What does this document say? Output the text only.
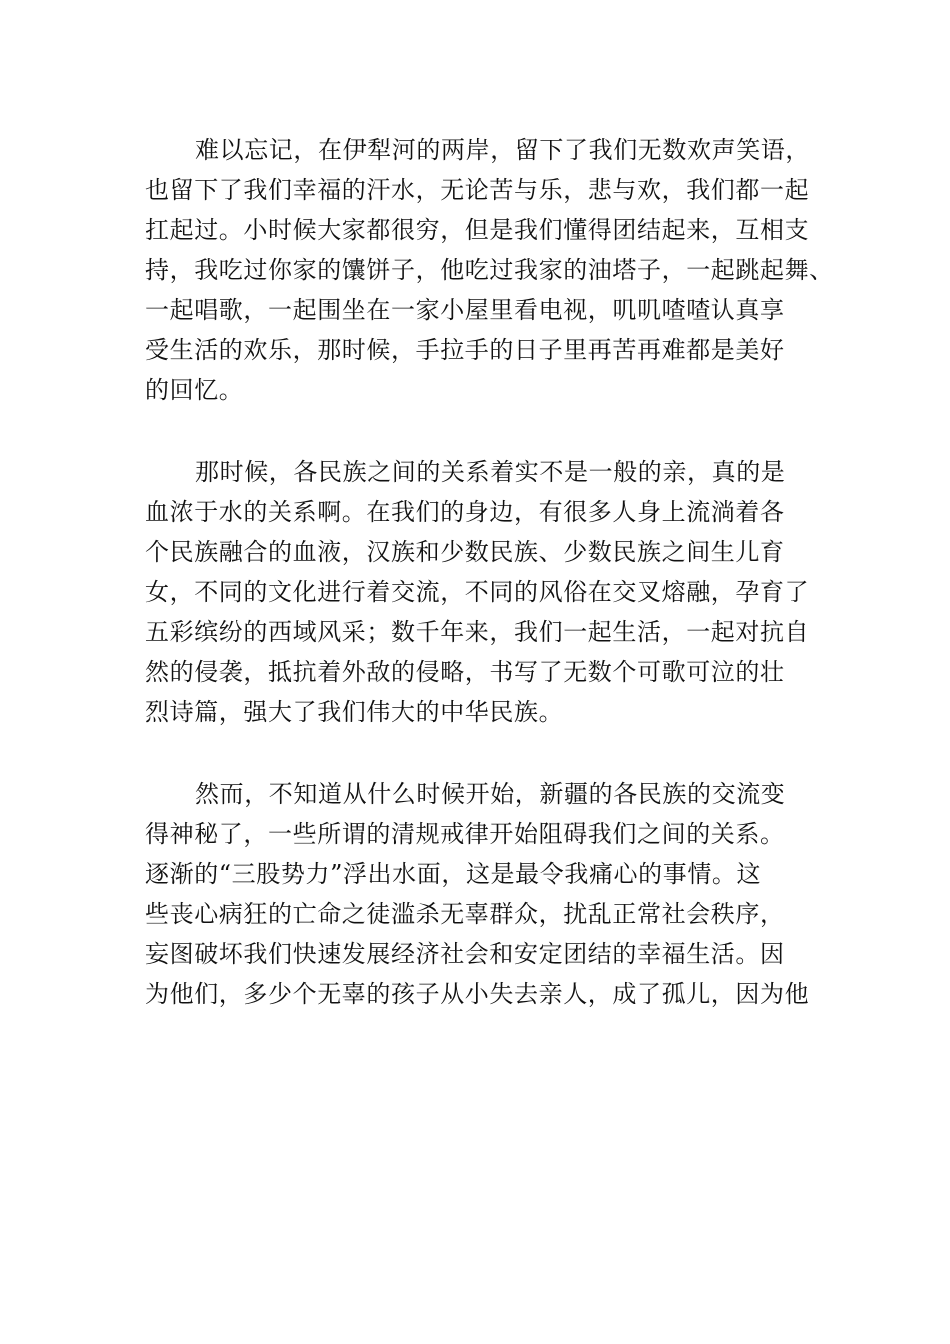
难以忘记，在伊犁河的两岸，留下了我们无数欢声笑语，
也留下了我们幸福的汗水，无论苦与乐，悲与欢，我们都一起
扛起过。小时候大家都很穷，但是我们懂得团结起来，互相支
持，我吃过你家的馕饼子，他吃过我家的油塔子，一起跳起舞、
一起唱歌，一起围坐在一家小屋里看电视，叽叽喳喳认真享
受生活的欢乐，那时候，手拉手的日子里再苦再难都是美好
的回忆。
那时候，各民族之间的关系着实不是一般的亲，真的是
血浓于水的关系啊。在我们的身边，有很多人身上流淌着各
个民族融合的血液，汉族和少数民族、少数民族之间生儿育
女，不同的文化进行着交流，不同的风俗在交叉熔融，孕育了
五彩缤纷的西域风采；数千年来，我们一起生活，一起对抗自
然的侵袭，抵抗着外敌的侵略，书写了无数个可歌可泣的壮
烈诗篇，强大了我们伟大的中华民族。
然而，不知道从什么时候开始，新疆的各民族的交流变
得神秘了，一些所谓的清规戒律开始阻碍我们之间的关系。
逐渐的“三股势力”浮出水面，这是最令我痛心的事情。这
些丧心病狂的亡命之徒滥杀无辜群众，扰乱正常社会秩序，
妄图破坏我们快速发展经济社会和安定团结的幸福生活。因
为他们，多少个无辜的孩子从小失去亲人，成了孤儿，因为他
